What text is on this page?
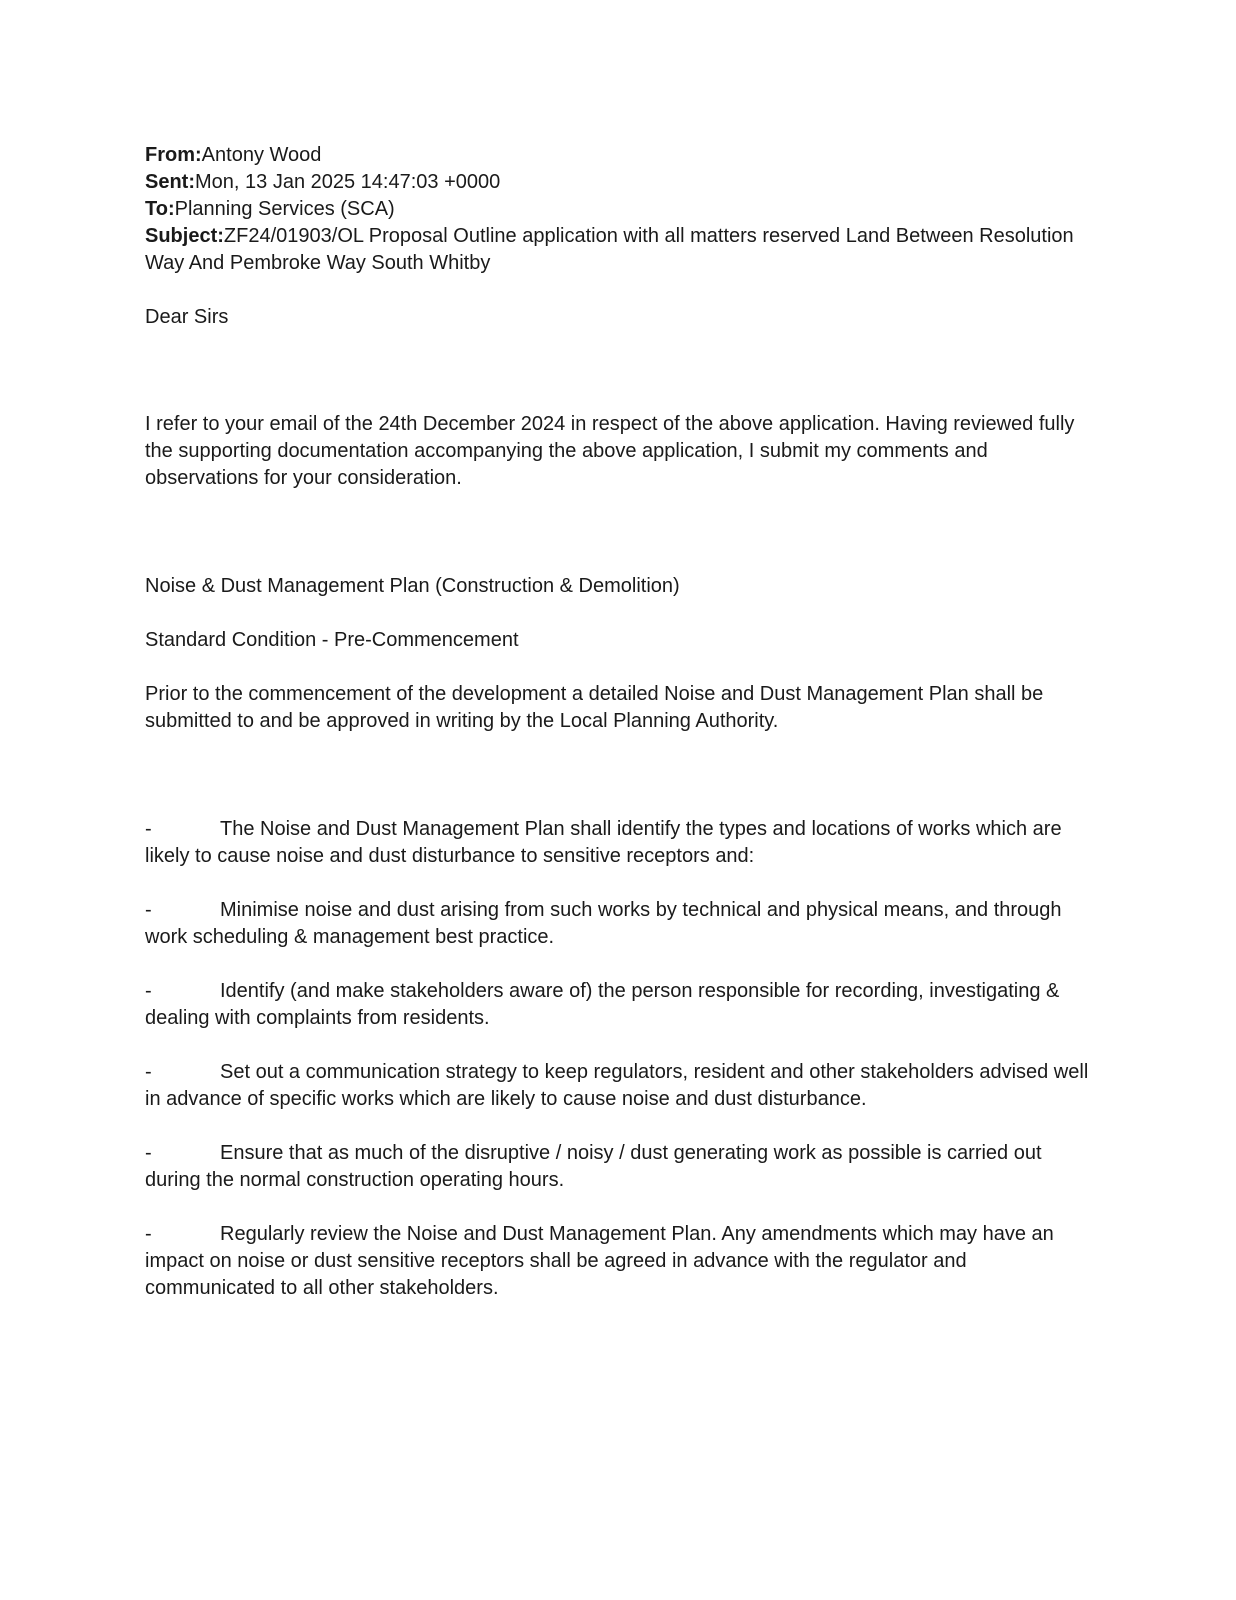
From:Antony Wood

Sent:Mon, 13 Jan 2025 14:47:03 +0000

To:Planning Services (SCA)

Subject:ZF24/01903/OL Proposal Outline application with all matters reserved Land Between Resolution Way And Pembroke Way South Whitby

Dear Sirs

I refer to your email of the 24th December 2024 in respect of the above application. Having reviewed fully the supporting documentation accompanying the above application, I submit my comments and observations for your consideration.

Noise & Dust Management Plan (Construction & Demolition)

Standard Condition - Pre-Commencement

Prior to the commencement of the development a detailed Noise and Dust Management Plan shall be submitted to and be approved in writing by the Local Planning Authority.

-	The Noise and Dust Management Plan shall identify the types and locations of works which are likely to cause noise and dust disturbance to sensitive receptors and:

-	Minimise noise and dust arising from such works by technical and physical means, and through work scheduling & management best practice.

-	Identify (and make stakeholders aware of) the person responsible for recording, investigating & dealing with complaints from residents.

-	Set out a communication strategy to keep regulators, resident and other stakeholders advised well in advance of specific works which are likely to cause noise and dust disturbance.

-	Ensure that as much of the disruptive / noisy / dust generating work as possible is carried out during the normal construction operating hours.

-	Regularly review the Noise and Dust Management Plan. Any amendments which may have an impact on noise or dust sensitive receptors shall be agreed in advance with the regulator and communicated to all other stakeholders.
